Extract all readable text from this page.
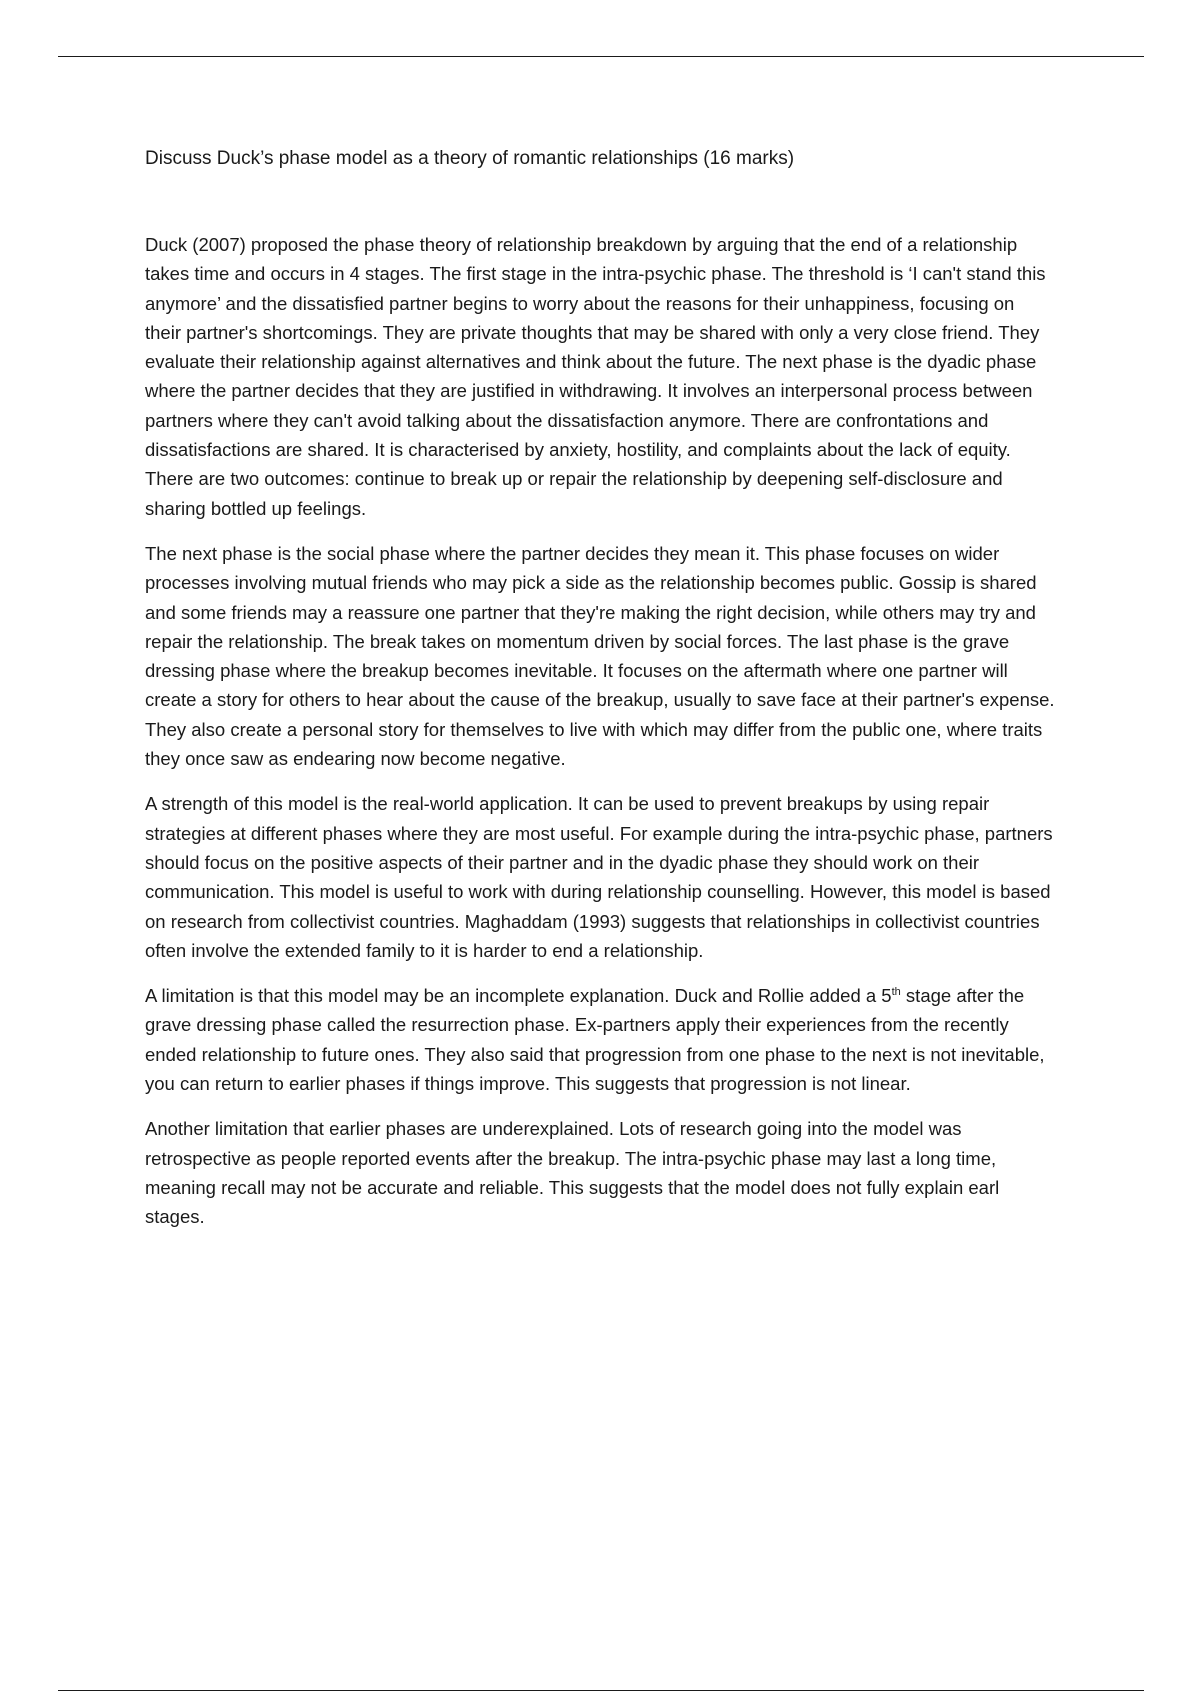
Discuss Duck’s phase model as a theory of romantic relationships (16 marks)

Duck (2007) proposed the phase theory of relationship breakdown by arguing that the end of a relationship takes time and occurs in 4 stages. The first stage in the intra-psychic phase. The threshold is ‘I can't stand this anymore’ and the dissatisfied partner begins to worry about the reasons for their unhappiness, focusing on their partner's shortcomings. They are private thoughts that may be shared with only a very close friend. They evaluate their relationship against alternatives and think about the future. The next phase is the dyadic phase where the partner decides that they are justified in withdrawing. It involves an interpersonal process between partners where they can't avoid talking about the dissatisfaction anymore. There are confrontations and dissatisfactions are shared. It is characterised by anxiety, hostility, and complaints about the lack of equity. There are two outcomes: continue to break up or repair the relationship by deepening self-disclosure and sharing bottled up feelings.

The next phase is the social phase where the partner decides they mean it. This phase focuses on wider processes involving mutual friends who may pick a side as the relationship becomes public. Gossip is shared and some friends may a reassure one partner that they're making the right decision, while others may try and repair the relationship. The break takes on momentum driven by social forces. The last phase is the grave dressing phase where the breakup becomes inevitable. It focuses on the aftermath where one partner will create a story for others to hear about the cause of the breakup, usually to save face at their partner's expense. They also create a personal story for themselves to live with which may differ from the public one, where traits they once saw as endearing now become negative.

A strength of this model is the real-world application. It can be used to prevent breakups by using repair strategies at different phases where they are most useful. For example during the intra-psychic phase, partners should focus on the positive aspects of their partner and in the dyadic phase they should work on their communication. This model is useful to work with during relationship counselling. However, this model is based on research from collectivist countries. Maghaddam (1993) suggests that relationships in collectivist countries often involve the extended family to it is harder to end a relationship.

A limitation is that this model may be an incomplete explanation. Duck and Rollie added a 5th stage after the grave dressing phase called the resurrection phase. Ex-partners apply their experiences from the recently ended relationship to future ones. They also said that progression from one phase to the next is not inevitable, you can return to earlier phases if things improve. This suggests that progression is not linear.

Another limitation that earlier phases are underexplained. Lots of research going into the model was retrospective as people reported events after the breakup. The intra-psychic phase may last a long time, meaning recall may not be accurate and reliable. This suggests that the model does not fully explain earl stages.
